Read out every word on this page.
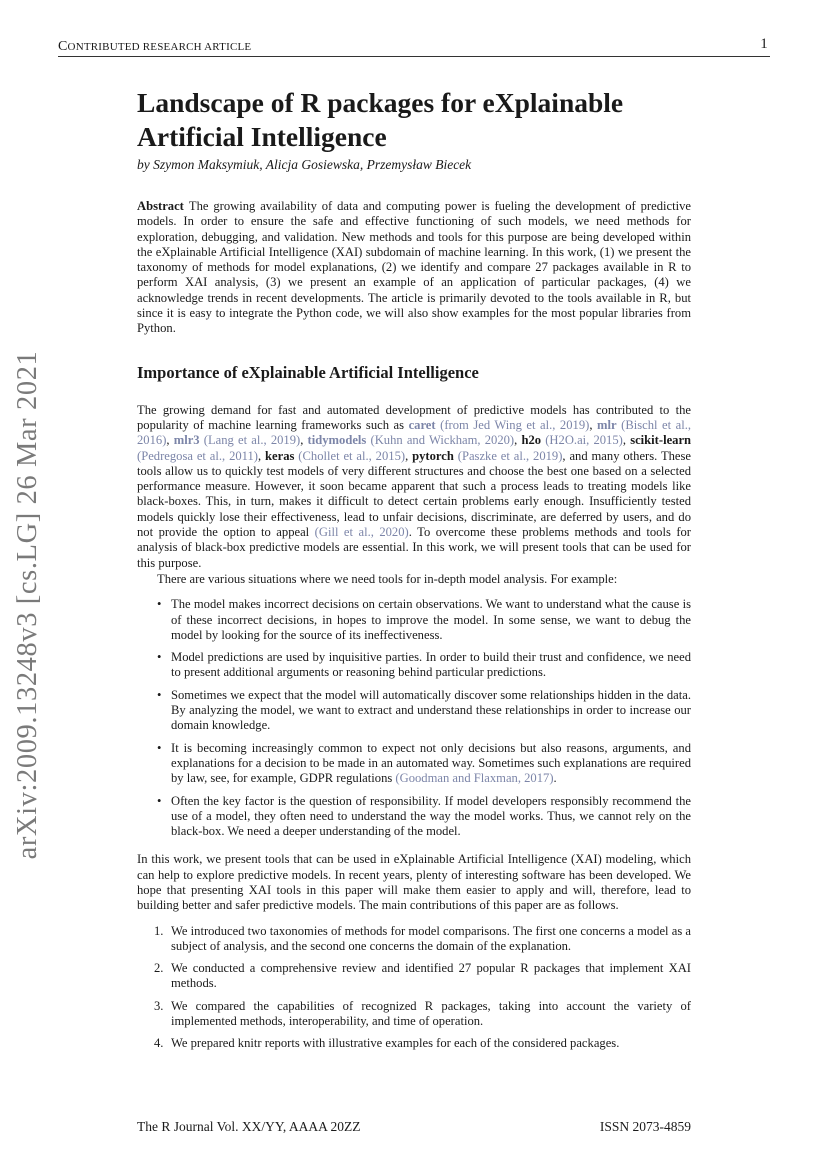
CONTRIBUTED RESEARCH ARTICLE	1
arXiv:2009.13248v3 [cs.LG] 26 Mar 2021
Landscape of R packages for eXplainable Artificial Intelligence
by Szymon Maksymiuk, Alicja Gosiewska, Przemysław Biecek
Abstract The growing availability of data and computing power is fueling the development of predictive models. In order to ensure the safe and effective functioning of such models, we need methods for exploration, debugging, and validation. New methods and tools for this purpose are being developed within the eXplainable Artificial Intelligence (XAI) subdomain of machine learning. In this work, (1) we present the taxonomy of methods for model explanations, (2) we identify and compare 27 packages available in R to perform XAI analysis, (3) we present an example of an application of particular packages, (4) we acknowledge trends in recent developments. The article is primarily devoted to the tools available in R, but since it is easy to integrate the Python code, we will also show examples for the most popular libraries from Python.
Importance of eXplainable Artificial Intelligence
The growing demand for fast and automated development of predictive models has contributed to the popularity of machine learning frameworks such as caret (from Jed Wing et al., 2019), mlr (Bischl et al., 2016), mlr3 (Lang et al., 2019), tidymodels (Kuhn and Wickham, 2020), h2o (H2O.ai, 2015), scikit-learn (Pedregosa et al., 2011), keras (Chollet et al., 2015), pytorch (Paszke et al., 2019), and many others. These tools allow us to quickly test models of very different structures and choose the best one based on a selected performance measure. However, it soon became apparent that such a process leads to treating models like black-boxes. This, in turn, makes it difficult to detect certain problems early enough. Insufficiently tested models quickly lose their effectiveness, lead to unfair decisions, discriminate, are deferred by users, and do not provide the option to appeal (Gill et al., 2020). To overcome these problems methods and tools for analysis of black-box predictive models are essential. In this work, we will present tools that can be used for this purpose.
There are various situations where we need tools for in-depth model analysis. For example:
• The model makes incorrect decisions on certain observations. We want to understand what the cause is of these incorrect decisions, in hopes to improve the model. In some sense, we want to debug the model by looking for the source of its ineffectiveness.
• Model predictions are used by inquisitive parties. In order to build their trust and confidence, we need to present additional arguments or reasoning behind particular predictions.
• Sometimes we expect that the model will automatically discover some relationships hidden in the data. By analyzing the model, we want to extract and understand these relationships in order to increase our domain knowledge.
• It is becoming increasingly common to expect not only decisions but also reasons, arguments, and explanations for a decision to be made in an automated way. Sometimes such explanations are required by law, see, for example, GDPR regulations (Goodman and Flaxman, 2017).
• Often the key factor is the question of responsibility. If model developers responsibly recommend the use of a model, they often need to understand the way the model works. Thus, we cannot rely on the black-box. We need a deeper understanding of the model.
In this work, we present tools that can be used in eXplainable Artificial Intelligence (XAI) modeling, which can help to explore predictive models. In recent years, plenty of interesting software has been developed. We hope that presenting XAI tools in this paper will make them easier to apply and will, therefore, lead to building better and safer predictive models. The main contributions of this paper are as follows.
1. We introduced two taxonomies of methods for model comparisons. The first one concerns a model as a subject of analysis, and the second one concerns the domain of the explanation.
2. We conducted a comprehensive review and identified 27 popular R packages that implement XAI methods.
3. We compared the capabilities of recognized R packages, taking into account the variety of implemented methods, interoperability, and time of operation.
4. We prepared knitr reports with illustrative examples for each of the considered packages.
The R Journal Vol. XX/YY, AAAA 20ZZ	ISSN 2073-4859
